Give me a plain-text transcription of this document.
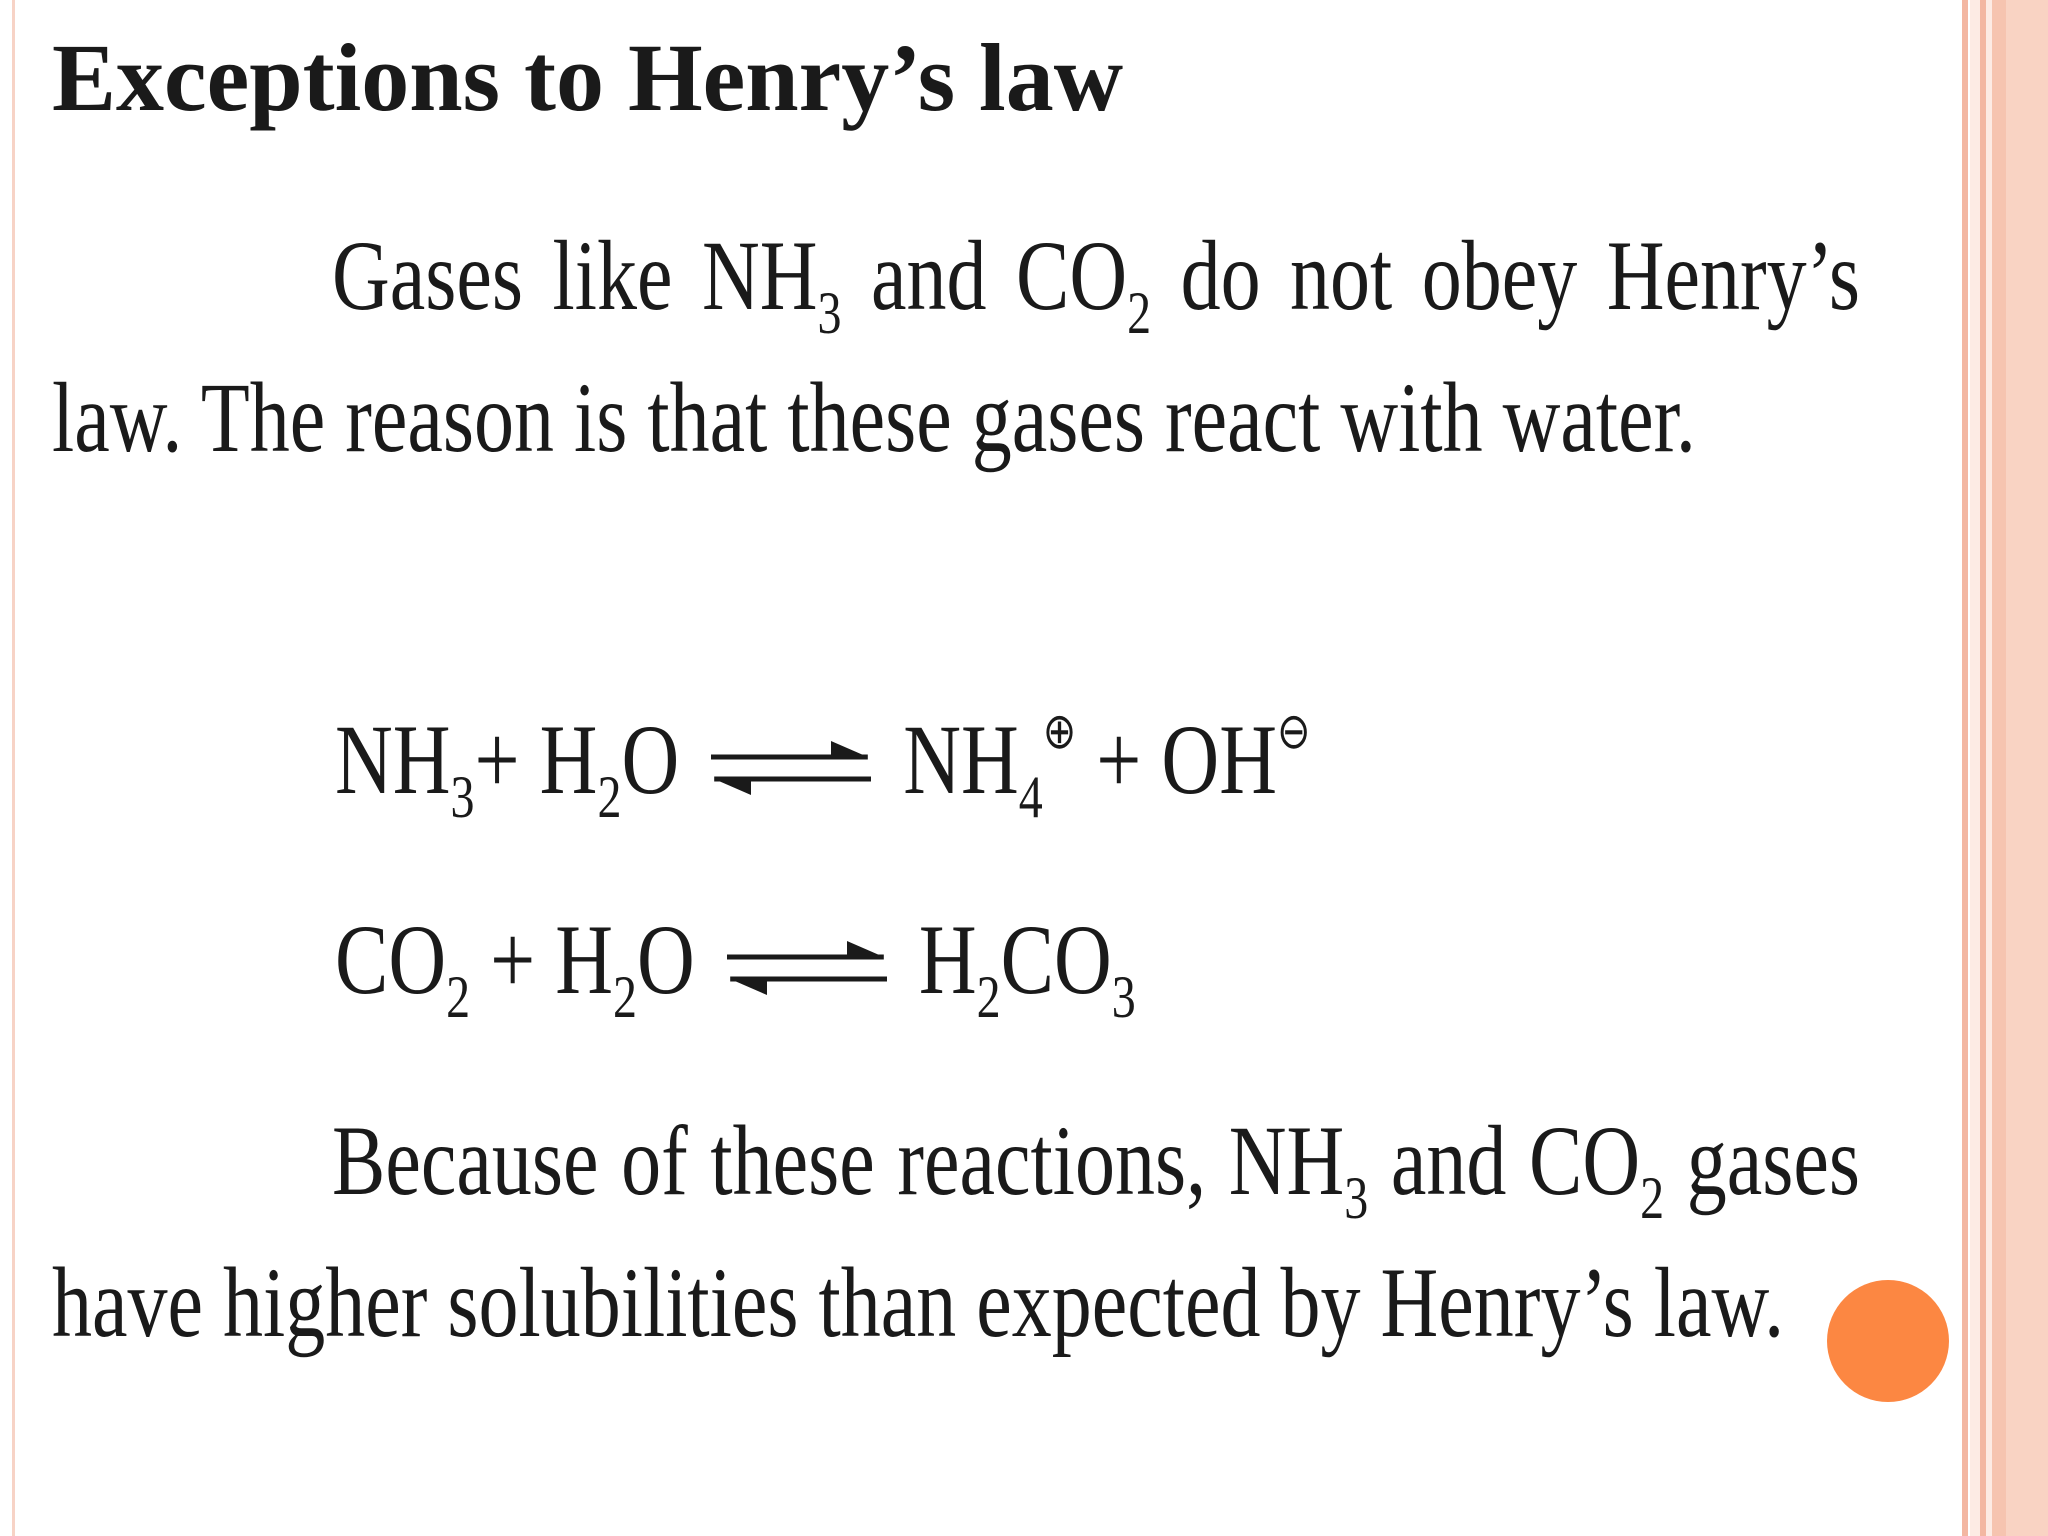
Exceptions to Henry’s law
Gases like $NH_3$ and $CO_2$ do not obey Henry’s law. The reason is that these gases react with water.
$NH_3+ H_2O$ ⇌ $NH_4^\oplus + OH^⊖$
$CO_2 + H_2O$ ⇌ $H_2CO_3$
Because of these reactions, $NH_3$ and $CO_2$ gases have higher solubilities than expected by Henry’s law.
